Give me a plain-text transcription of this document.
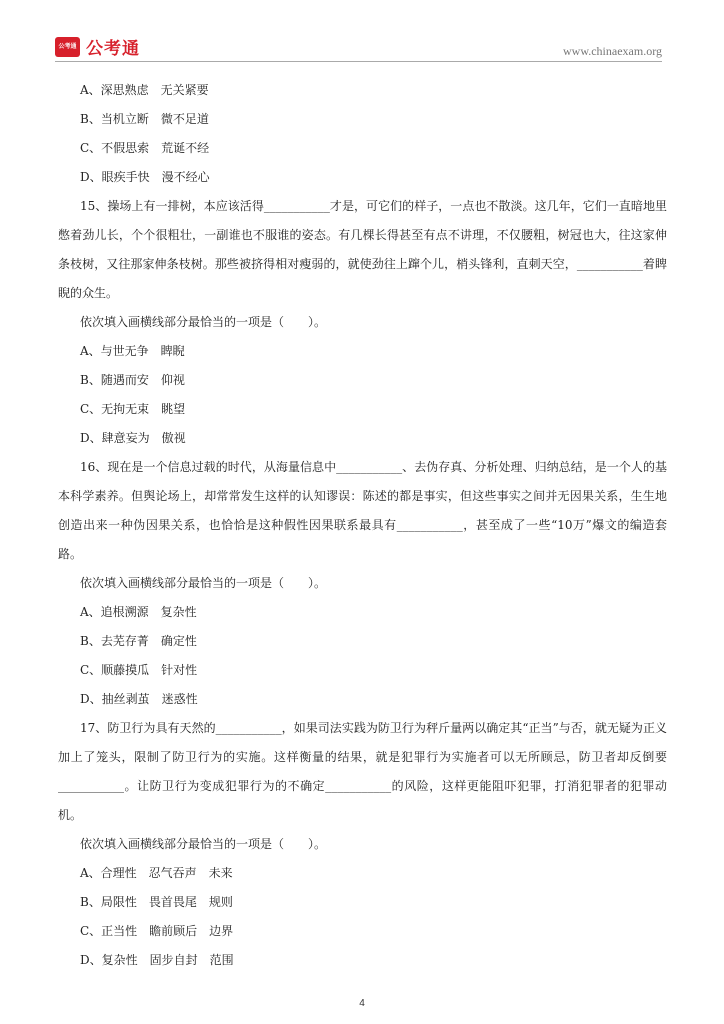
公考通 公考通	www.chinaexam.org
A、深思熟虑　无关紧要
B、当机立断　微不足道
C、不假思索　荒诞不经
D、眼疾手快　漫不经心
15、操场上有一排树，本应该活得___________才是，可它们的样子，一点也不散淡。这几年，它们一直暗地里憋着劲儿长，个个很粗壮，一副谁也不服谁的姿态。有几棵长得甚至有点不讲理，不仅腰粗，树冠也大，往这家伸条枝树，又往那家伸条枝树。那些被挤得相对瘦弱的，就使劲往上蹿个儿，梢头锋利，直刺天空，___________着睥睨的众生。
依次填入画横线部分最恰当的一项是（　　）。
A、与世无争　睥睨
B、随遇而安　仰视
C、无拘无束　眺望
D、肆意妄为　傲视
16、现在是一个信息过载的时代，从海量信息中___________、去伪存真、分析处理、归纳总结，是一个人的基本科学素养。但舆论场上，却常常发生这样的认知谬误：陈述的都是事实，但这些事实之间并无因果关系，生生地创造出来一种伪因果关系，也恰恰是这种假性因果联系最具有___________，甚至成了一些“10万”爆文的编造套路。
依次填入画横线部分最恰当的一项是（　　）。
A、追根溯源　复杂性
B、去芜存菁　确定性
C、顺藤摸瓜　针对性
D、抽丝剥茧　迷惑性
17、防卫行为具有天然的___________，如果司法实践为防卫行为秤斤量两以确定其“正当”与否，就无疑为正义加上了笼头，限制了防卫行为的实施。这样衡量的结果，就是犯罪行为实施者可以无所顾忌，防卫者却反倒要___________。让防卫行为变成犯罪行为的不确定___________的风险，这样更能阻吓犯罪，打消犯罪者的犯罪动机。
依次填入画横线部分最恰当的一项是（　　）。
A、合理性　忍气吞声　未来
B、局限性　畏首畏尾　规则
C、正当性　瞻前顾后　边界
D、复杂性　固步自封　范围
4
